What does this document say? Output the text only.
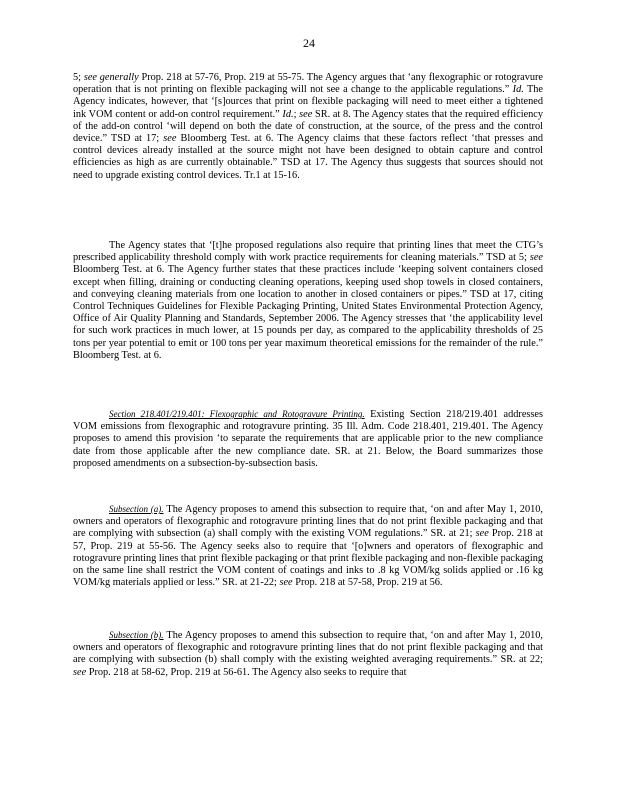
24

5; see generally Prop. 218 at 57-76, Prop. 219 at 55-75. The Agency argues that ‘any flexographic or rotogravure operation that is not printing on flexible packaging will not see a change to the applicable regulations.” Id. The Agency indicates, however, that ‘[s]ources that print on flexible packaging will need to meet either a tightened ink VOM content or add-on control requirement.” Id.; see SR. at 8. The Agency states that the required efficiency of the add-on control ‘will depend on both the date of construction, at the source, of the press and the control device.” TSD at 17; see Bloomberg Test. at 6. The Agency claims that these factors reflect ‘that presses and control devices already installed at the source might not have been designed to obtain capture and control efficiencies as high as are currently obtainable.” TSD at 17. The Agency thus suggests that sources should not need to upgrade existing control devices. Tr.1 at 15-16.

The Agency states that ‘[t]he proposed regulations also require that printing lines that meet the CTG’s prescribed applicability threshold comply with work practice requirements for cleaning materials.” TSD at 5; see Bloomberg Test. at 6. The Agency further states that these practices include ‘keeping solvent containers closed except when filling, draining or conducting cleaning operations, keeping used shop towels in closed containers, and conveying cleaning materials from one location to another in closed containers or pipes.” TSD at 17, citing Control Techniques Guidelines for Flexible Packaging Printing, United States Environmental Protection Agency, Office of Air Quality Planning and Standards, September 2006. The Agency stresses that ‘the applicability level for such work practices in much lower, at 15 pounds per day, as compared to the applicability thresholds of 25 tons per year potential to emit or 100 tons per year maximum theoretical emissions for the remainder of the rule.” Bloomberg Test. at 6.

Section 218.401/219.401: Flexographic and Rotogravure Printing. Existing Section 218/219.401 addresses VOM emissions from flexographic and rotogravure printing. 35 Ill. Adm. Code 218.401, 219.401. The Agency proposes to amend this provision ‘to separate the requirements that are applicable prior to the new compliance date from those applicable after the new compliance date. SR. at 21. Below, the Board summarizes those proposed amendments on a subsection-by-subsection basis.

Subsection (a). The Agency proposes to amend this subsection to require that, ‘on and after May 1, 2010, owners and operators of flexographic and rotogravure printing lines that do not print flexible packaging and that are complying with subsection (a) shall comply with the existing VOM regulations.” SR. at 21; see Prop. 218 at 57, Prop. 219 at 55-56. The Agency seeks also to require that ‘[o]wners and operators of flexographic and rotogravure printing lines that print flexible packaging or that print flexible packaging and non-flexible packaging on the same line shall restrict the VOM content of coatings and inks to .8 kg VOM/kg solids applied or .16 kg VOM/kg materials applied or less.” SR. at 21-22; see Prop. 218 at 57-58, Prop. 219 at 56.

Subsection (b). The Agency proposes to amend this subsection to require that, ‘on and after May 1, 2010, owners and operators of flexographic and rotogravure printing lines that do not print flexible packaging and that are complying with subsection (b) shall comply with the existing weighted averaging requirements.” SR. at 22; see Prop. 218 at 58-62, Prop. 219 at 56-61. The Agency also seeks to require that
